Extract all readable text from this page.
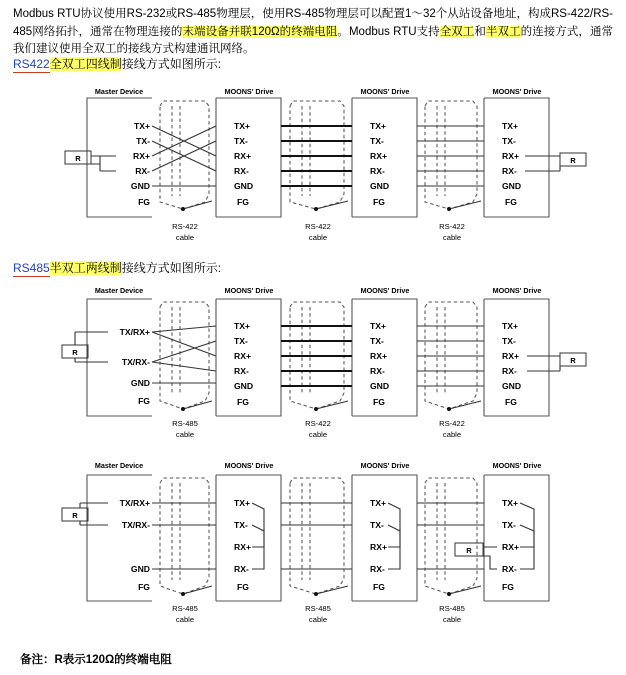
Modbus RTU协议使用RS-232或RS-485物理层，使用RS-485物理层可以配置1～32个从站设备地址，构成RS-422/RS-485网络拓扑，通常在物理连接的末端设备并联120Ω的终端电阻。Modbus RTU支持全双工和半双工的连接方式，通常我们建议使用全双工的接线方式构建通讯网络。
RS422全双工四线制接线方式如图所示:
Master Device	MOONS' Drive	MOONS' Drive	MOONS' Drive
TX+
TX-
RX+
RX-
GND
FG
TX+
TX-
RX+
RX-
GND
FG
TX+
TX-
RX+
RX-
GND
FG
TX+
TX-
RX+
RX-
GND
FG
R	R
RS-422
cable
RS-422
cable
RS-422
cable
RS485半双工两线制接线方式如图所示:
Master Device	MOONS' Drive	MOONS' Drive	MOONS' Drive
TX/RX+
TX/RX-
GND
FG
TX+
TX-
RX+
RX-
GND
FG
TX+
TX-
RX+
RX-
GND
FG
TX+
TX-
RX+
RX-
GND
FG
R
R
RS-485
cable
RS-422
cable
RS-422
cable
Master Device	MOONS' Drive	MOONS' Drive	MOONS' Drive
TX/RX+
TX/RX-
GND
FG
TX+
TX-
RX+
RX-
FG
TX+
TX-
RX+
RX-
FG
TX+
TX-
RX+
RX-
FG
R
R
RS-485
cable
RS-485
cable
RS-485
cable
备注：R表示120Ω的终端电阻
